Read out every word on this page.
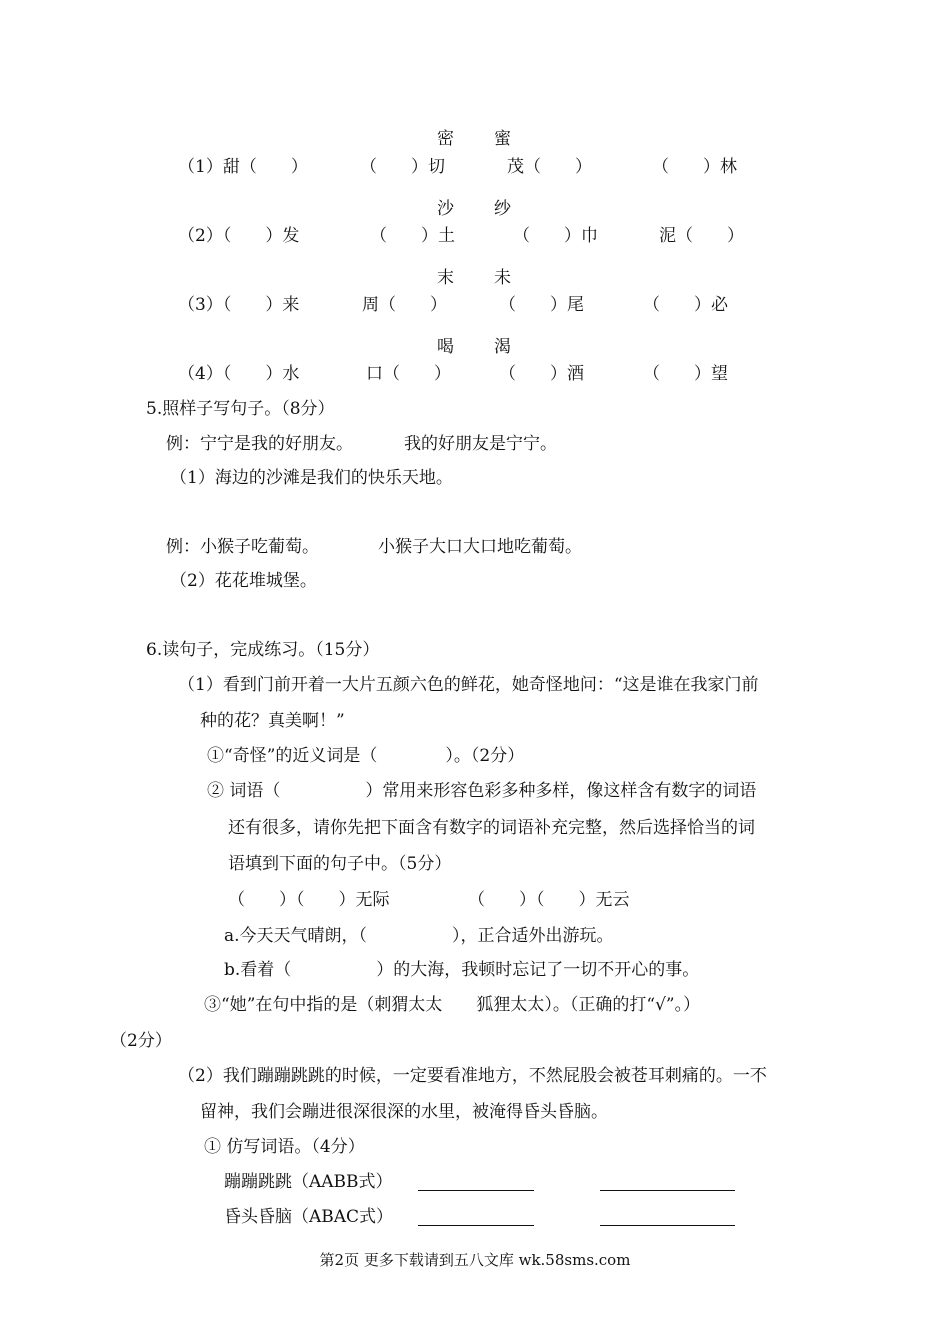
密 蜜
（1）甜（　　）	（　　）切	茂（　　）	（　　）林
沙 纱
（2）（　　）发	（　　）土	（　　）巾	泥（　　）
末 未
（3）（　　）来	周（　　）	（　　）尾	（　　）必
喝 渴
（4）（　　）水	口（　　）	（　　）酒	（　　）望
5.照样子写句子。（8分）
例：宁宁是我的好朋友。	我的好朋友是宁宁。
（1）海边的沙滩是我们的快乐天地。
例：小猴子吃葡萄。	小猴子大口大口地吃葡萄。
（2）花花堆城堡。
6.读句子，完成练习。（15分）
（1）看到门前开着一大片五颜六色的鲜花，她奇怪地问：“这是谁在我家门前
种的花？真美啊！”
①“奇怪”的近义词是（　　　　）。（2分）
② 词语（　　　　　）常用来形容色彩多种多样，像这样含有数字的词语
还有很多，请你先把下面含有数字的词语补充完整，然后选择恰当的词
语填到下面的句子中。（5分）
（　　）（　　）无际	（　　）（　　）无云
a.今天天气晴朗，（　　　　　），正合适外出游玩。
b.看着（　　　　　）的大海，我顿时忘记了一切不开心的事。
③“她”在句中指的是（刺猬太太　　狐狸太太）。（正确的打“√”。）
（2分）
（2）我们蹦蹦跳跳的时候，一定要看准地方，不然屁股会被苍耳刺痛的。一不
留神，我们会蹦进很深很深的水里，被淹得昏头昏脑。
① 仿写词语。（4分）
蹦蹦跳跳（AABB式）
昏头昏脑（ABAC式）
第2页 更多下载请到五八文库 wk.58sms.com
